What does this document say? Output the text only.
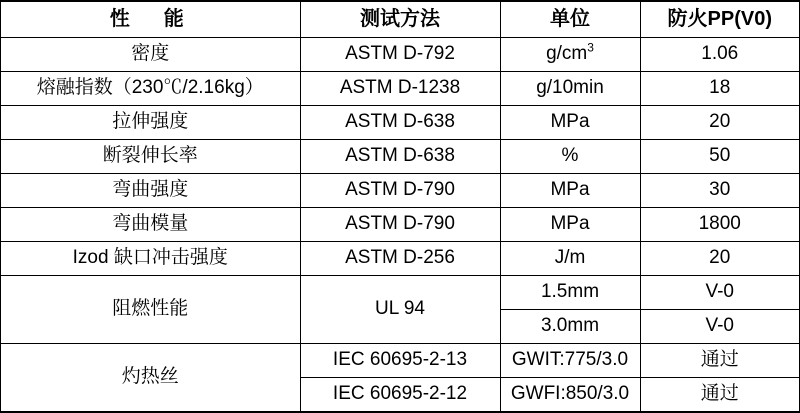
性　能	测试方法	单位	防火PP(V0)
密度	ASTM D-792	$g/cm^3$	1.06
熔融指数（230℃/2.16kg）	ASTM D-1238	g/10min	18
拉伸强度	ASTM D-638	MPa	20
断裂伸长率	ASTM D-638	%	50
弯曲强度	ASTM D-790	MPa	30
弯曲模量	ASTM D-790	MPa	1800
Izod 缺口冲击强度	ASTM D-256	J/m	20
阻燃性能	UL 94	1.5mm	V-0
		3.0mm	V-0
灼热丝	IEC 60695-2-13	GWIT:775/3.0	通过
	IEC 60695-2-12	GWFI:850/3.0	通过
